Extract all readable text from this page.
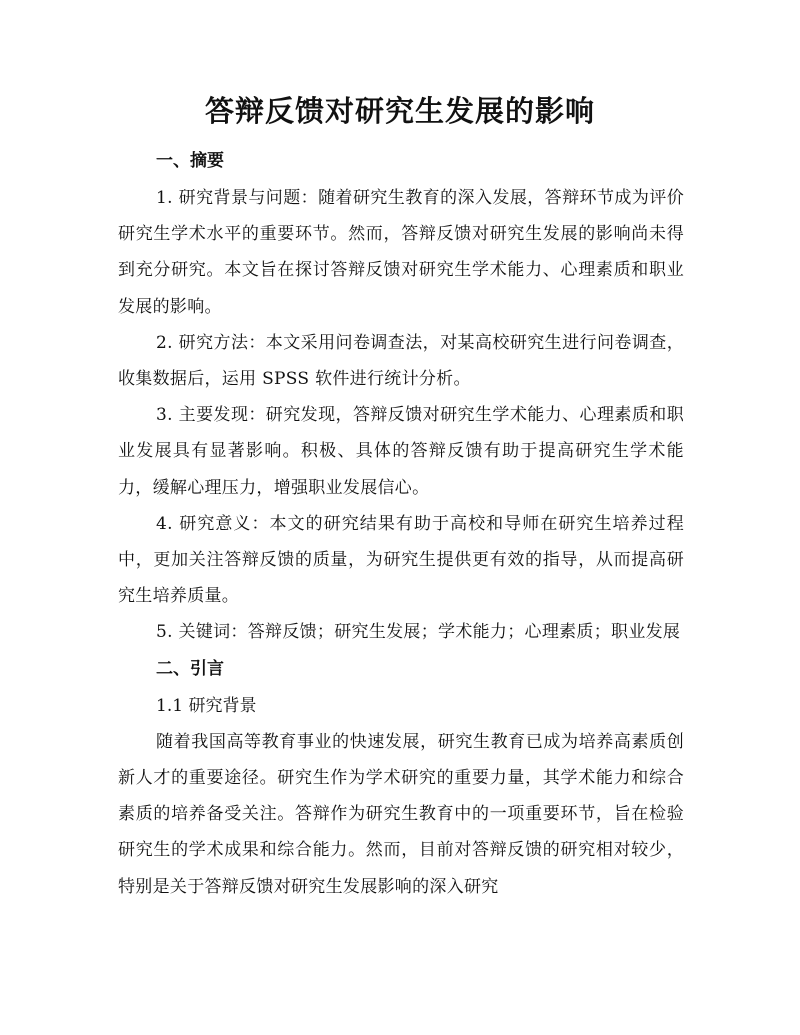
答辩反馈对研究生发展的影响

一、摘要

1. 研究背景与问题：随着研究生教育的深入发展，答辩环节成为评价研究生学术水平的重要环节。然而，答辩反馈对研究生发展的影响尚未得到充分研究。本文旨在探讨答辩反馈对研究生学术能力、心理素质和职业发展的影响。

2. 研究方法：本文采用问卷调查法，对某高校研究生进行问卷调查，收集数据后，运用 SPSS 软件进行统计分析。

3. 主要发现：研究发现，答辩反馈对研究生学术能力、心理素质和职业发展具有显著影响。积极、具体的答辩反馈有助于提高研究生学术能力，缓解心理压力，增强职业发展信心。

4. 研究意义：本文的研究结果有助于高校和导师在研究生培养过程中，更加关注答辩反馈的质量，为研究生提供更有效的指导，从而提高研究生培养质量。

5. 关键词：答辩反馈；研究生发展；学术能力；心理素质；职业发展

二、引言

1.1 研究背景

随着我国高等教育事业的快速发展，研究生教育已成为培养高素质创新人才的重要途径。研究生作为学术研究的重要力量，其学术能力和综合素质的培养备受关注。答辩作为研究生教育中的一项重要环节，旨在检验研究生的学术成果和综合能力。然而，目前对答辩反馈的研究相对较少，特别是关于答辩反馈对研究生发展影响的深入研究
